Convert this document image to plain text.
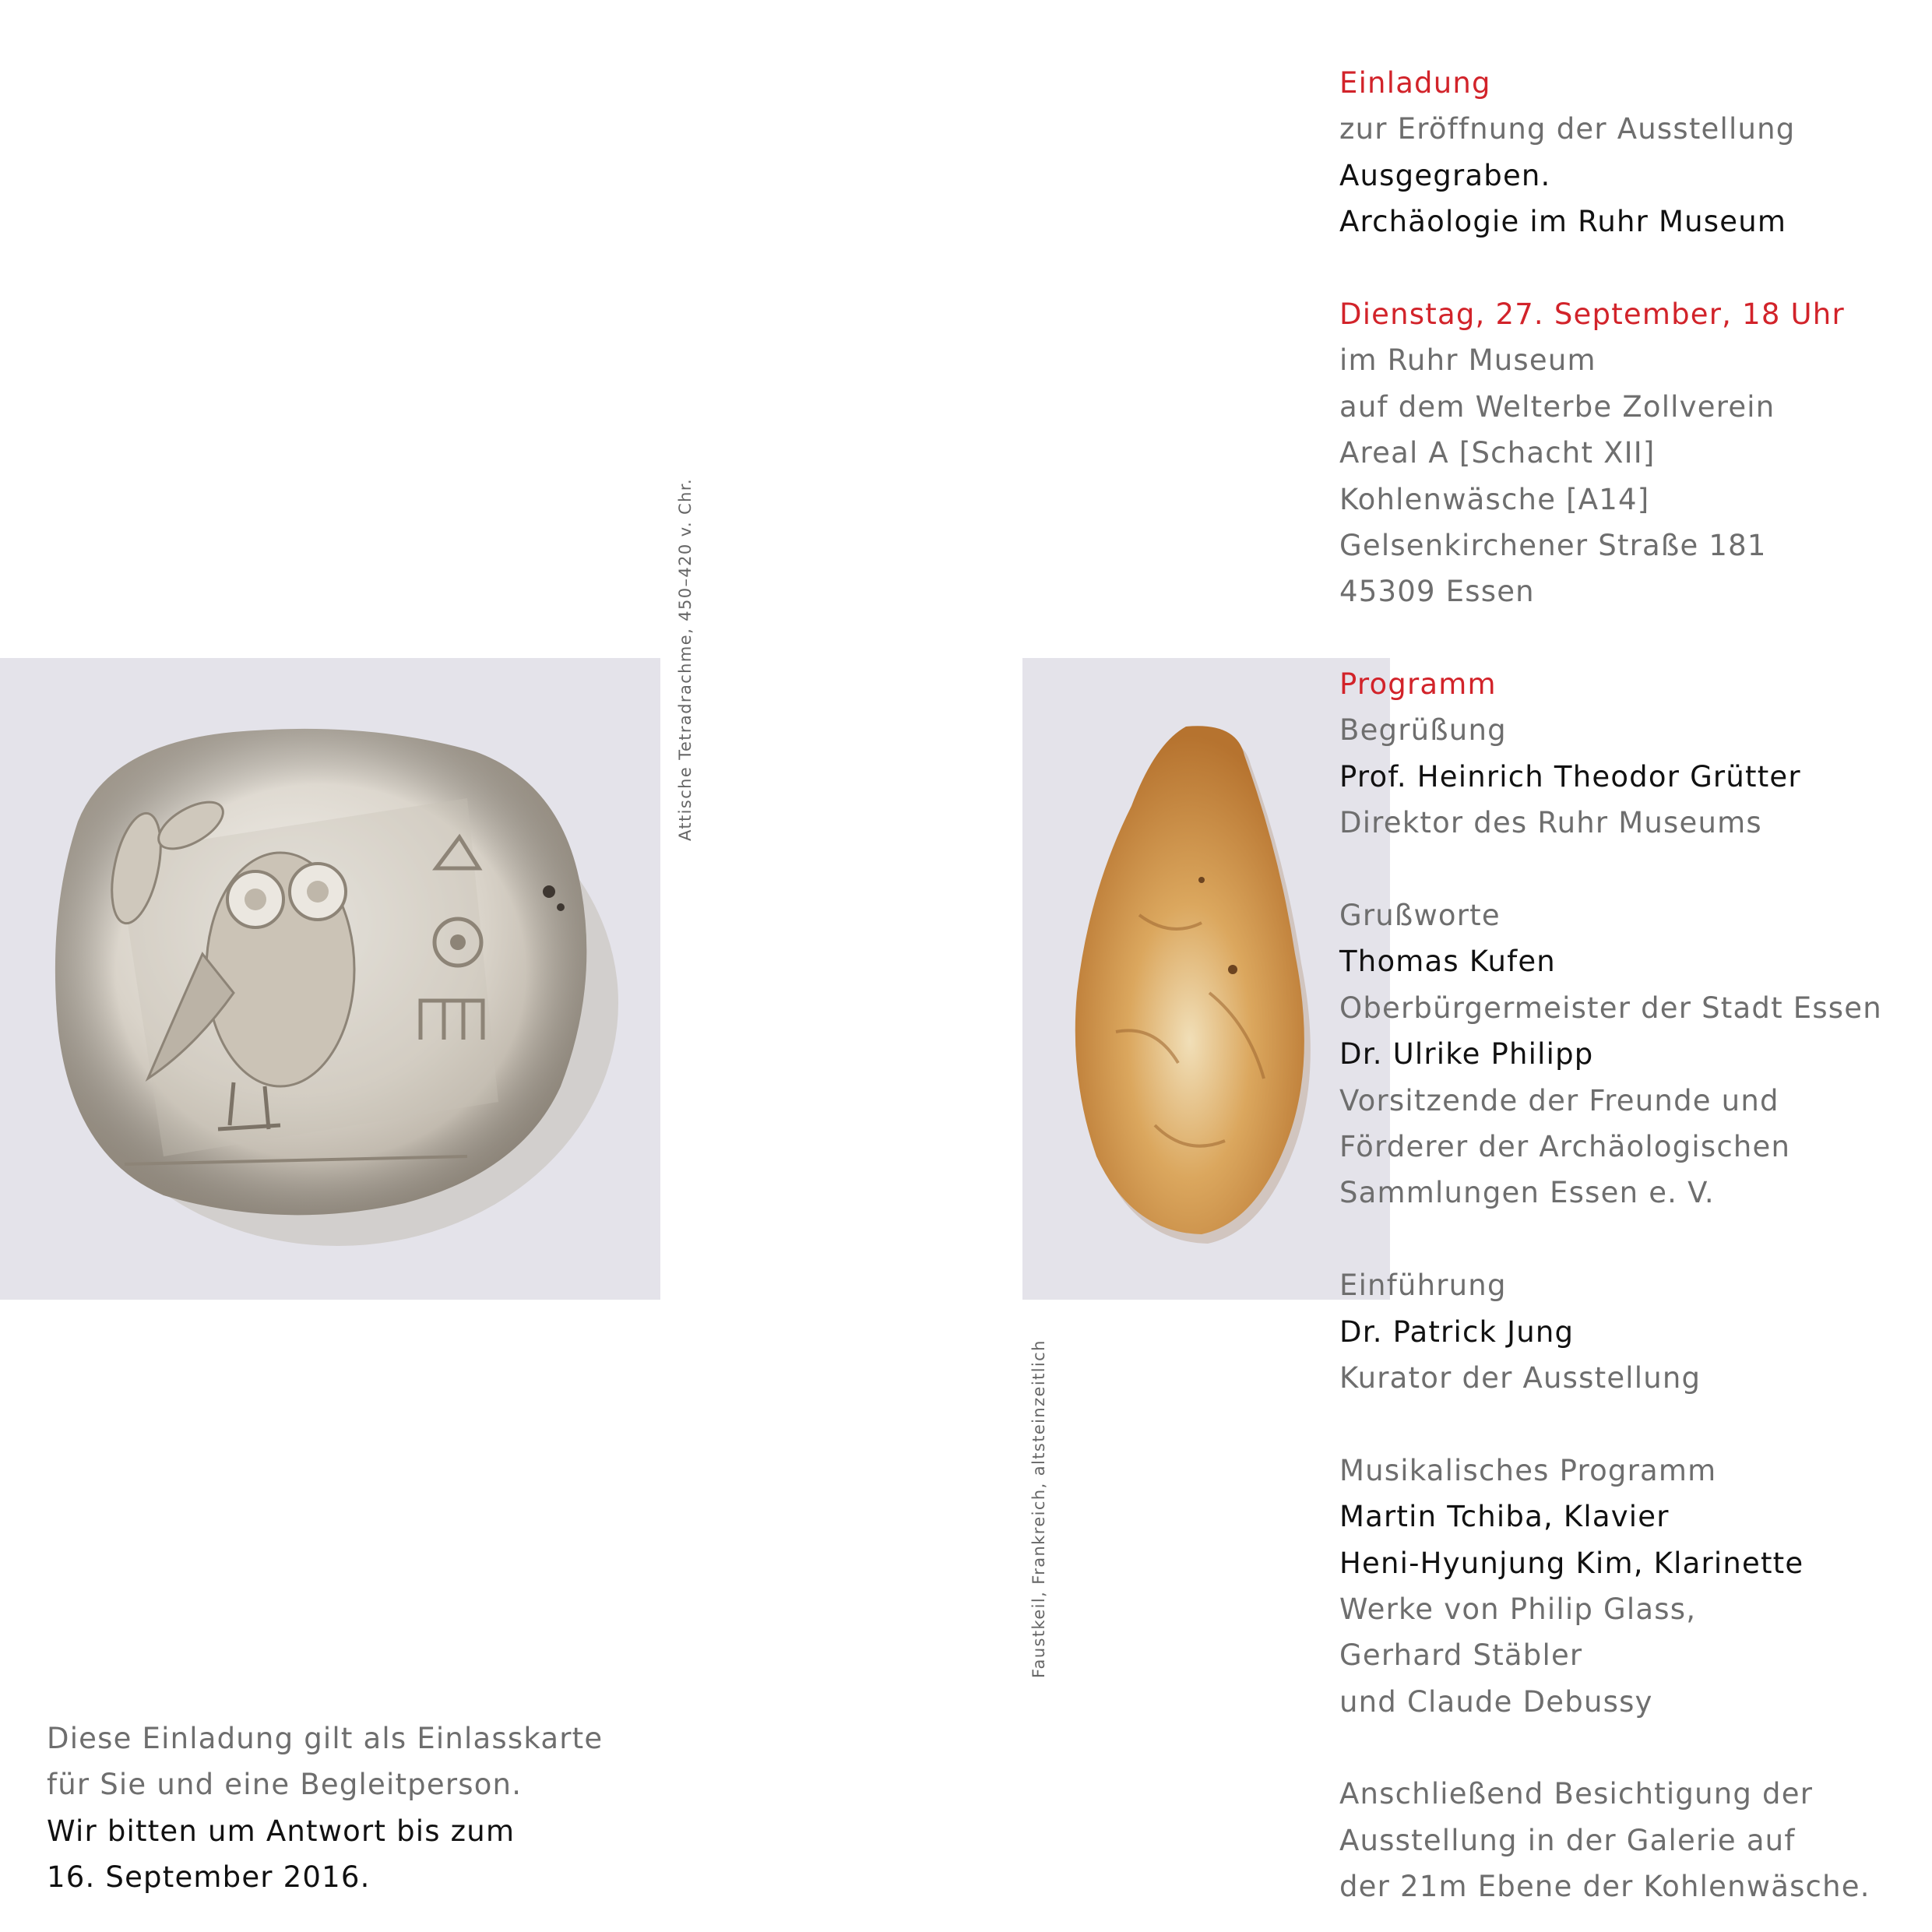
Attische Tetradrachme, 450–420 v. Chr.
Faustkeil, Frankreich, altsteinzeitlich
Einladung
zur Eröffnung der Ausstellung
Ausgegraben.
Archäologie im Ruhr Museum
Dienstag, 27. September, 18 Uhr
im Ruhr Museum
auf dem Welterbe Zollverein
Areal A [Schacht XII]
Kohlenwäsche [A14]
Gelsenkirchener Straße 181
45309 Essen
Programm
Begrüßung
Prof. Heinrich Theodor Grütter
Direktor des Ruhr Museums
Grußworte
Thomas Kufen
Oberbürgermeister der Stadt Essen
Dr. Ulrike Philipp
Vorsitzende der Freunde und
Förderer der Archäologischen
Sammlungen Essen e. V.
Einführung
Dr. Patrick Jung
Kurator der Ausstellung
Musikalisches Programm
Martin Tchiba, Klavier
Heni-Hyunjung Kim, Klarinette
Werke von Philip Glass,
Gerhard Stäbler
und Claude Debussy
Anschließend Besichtigung der
Ausstellung in der Galerie auf
der 21m Ebene der Kohlenwäsche.
Diese Einladung gilt als Einlasskarte
für Sie und eine Begleitperson.
Wir bitten um Antwort bis zum
16. September 2016.
